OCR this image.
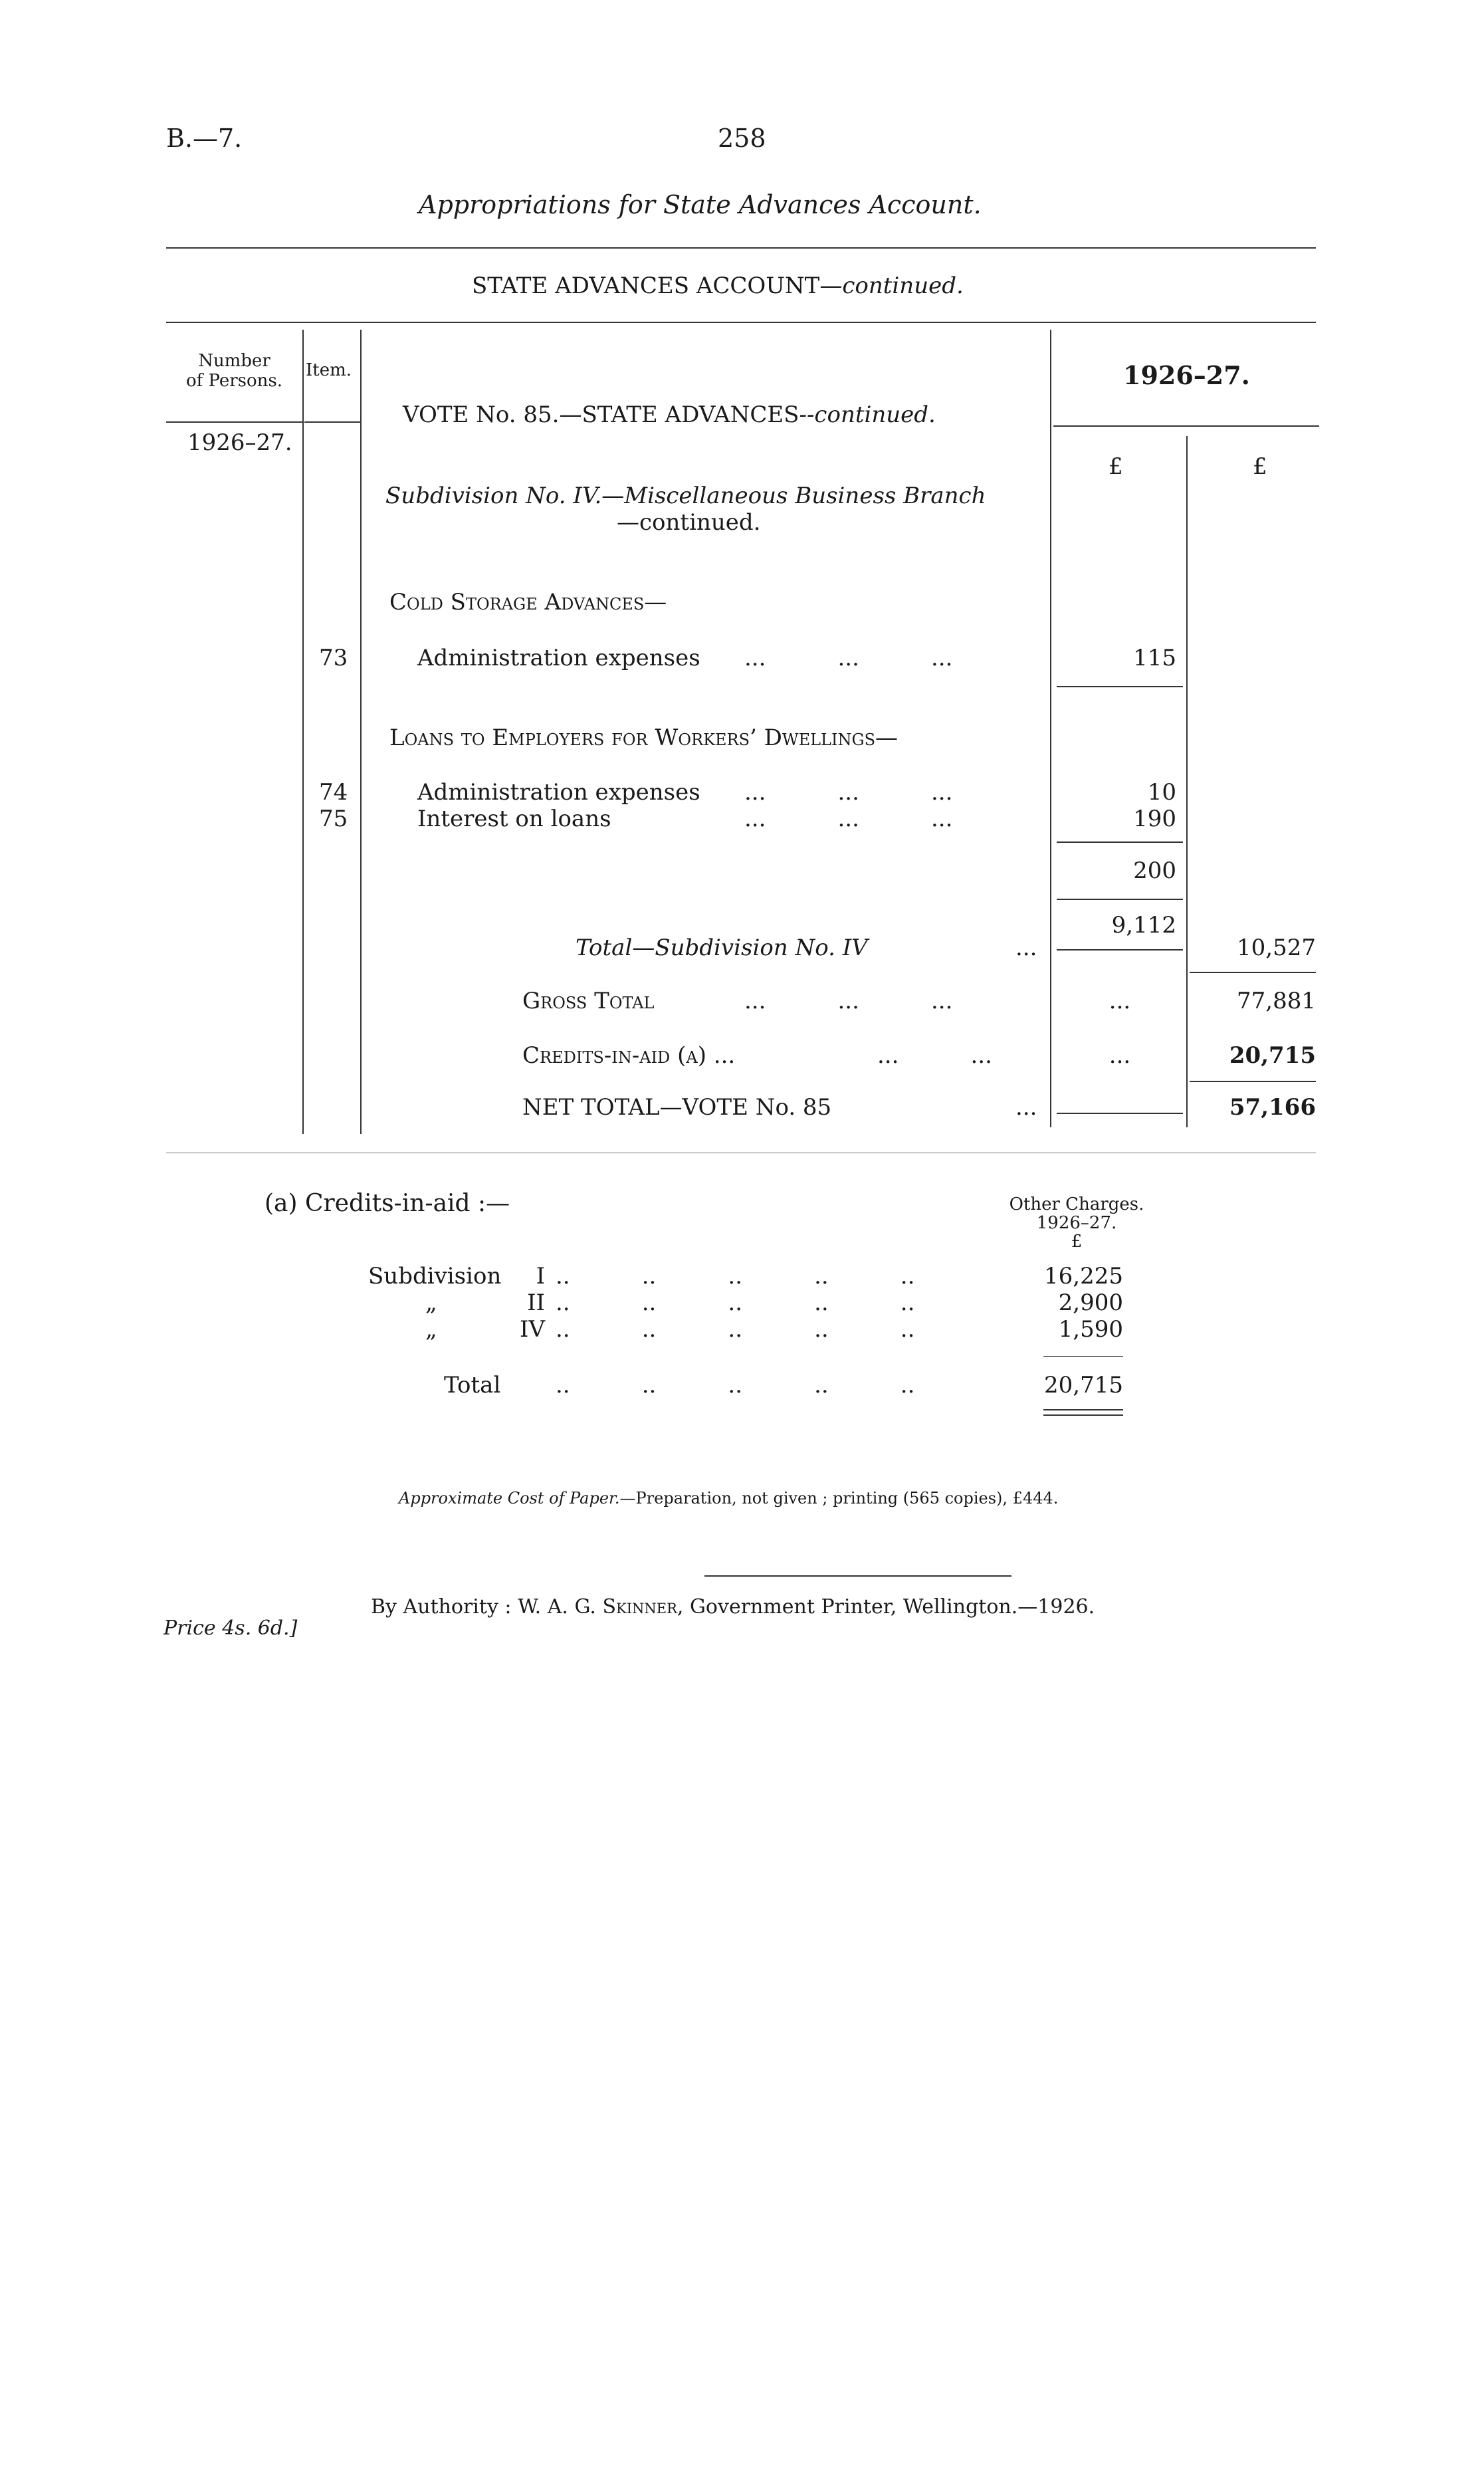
B.—7.	258
Appropriations for State Advances Account.
STATE ADVANCES ACCOUNT—continued.
Number
of Persons.
Item.
1926–27.
VOTE No. 85.—STATE ADVANCES--continued.
1926–27.
£	£
Subdivision No. IV.—Miscellaneous Business Branch
—continued.
Cold Storage Advances—
73	Administration expenses ...          ...          ...	115
Loans to Employers for Workers’ Dwellings—
74	Administration expenses ...          ...          ...	10
75	Interest on loans	...          ...          ...	190
200
9,112
Total—Subdivision No. IV	...	10,527
Gross Total	...          ...          ...	...	77,881
Credits-in-aid (a) ...	...          ...	...	20,715
NET TOTAL—VOTE No. 85	...	57,166
(a) Credits-in-aid :—	Other Charges.
1926–27.
£
Subdivision	I ..          ..          ..          ..          ..	16,225
„	II ..          ..          ..          ..          ..	2,900
„	IV ..          ..          ..          ..          ..	1,590
Total ..          ..          ..          ..          ..	20,715
Approximate Cost of Paper.—Preparation, not given ; printing (565 copies), £444.
By Authority : W. A. G. Skinner, Government Printer, Wellington.—1926.
Price 4s. 6d.]
